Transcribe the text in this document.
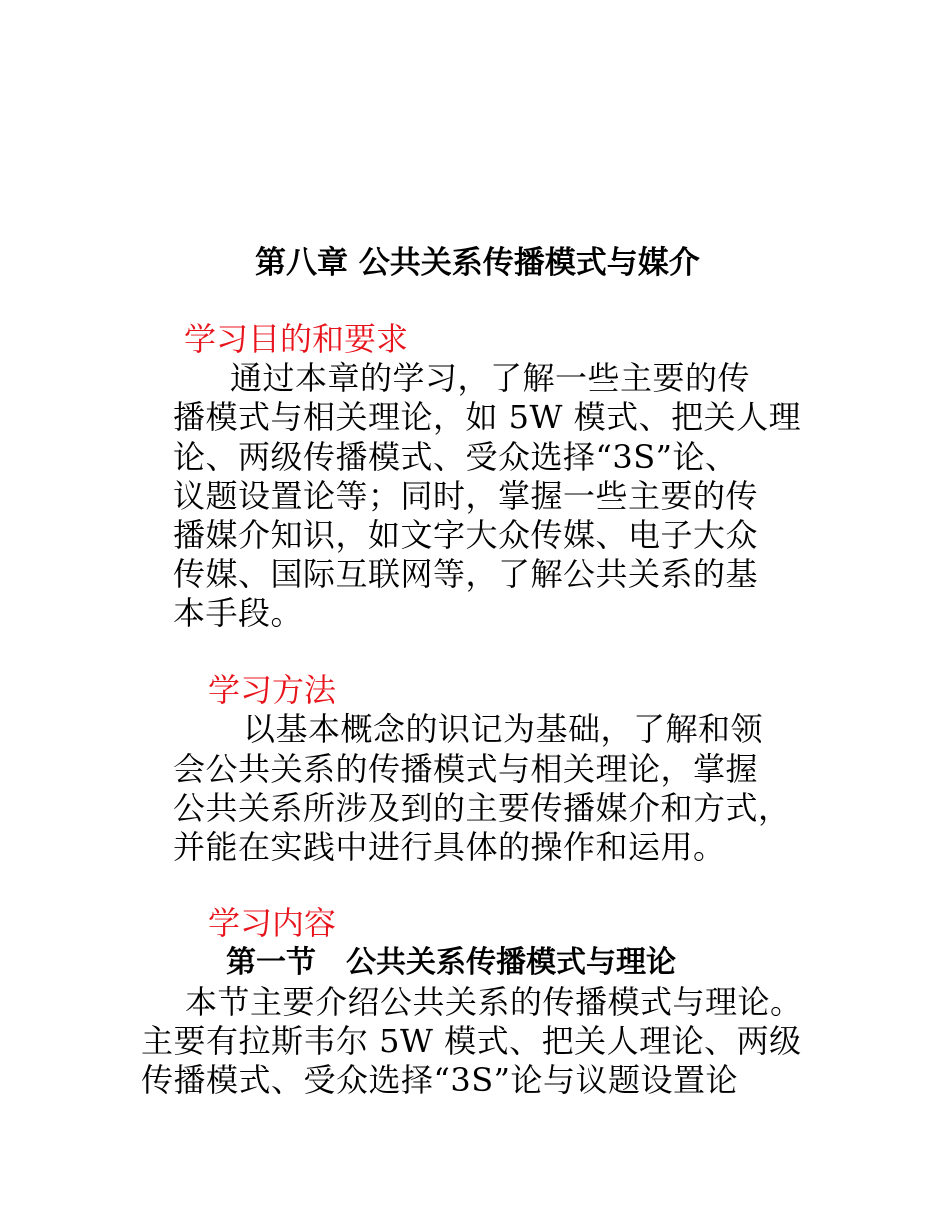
第八章 公共关系传播模式与媒介
学习目的和要求
通过本章的学习，了解一些主要的传
播模式与相关理论，如 5W 模式、把关人理
论、两级传播模式、受众选择“3S”论、
议题设置论等；同时，掌握一些主要的传
播媒介知识，如文字大众传媒、电子大众
传媒、国际互联网等，了解公共关系的基
本手段。
学习方法
以基本概念的识记为基础，了解和领
会公共关系的传播模式与相关理论，掌握
公共关系所涉及到的主要传播媒介和方式，
并能在实践中进行具体的操作和运用。
学习内容
第一节　公共关系传播模式与理论
本节主要介绍公共关系的传播模式与理论。
主要有拉斯韦尔 5W 模式、把关人理论、两级
传播模式、受众选择“3S”论与议题设置论
